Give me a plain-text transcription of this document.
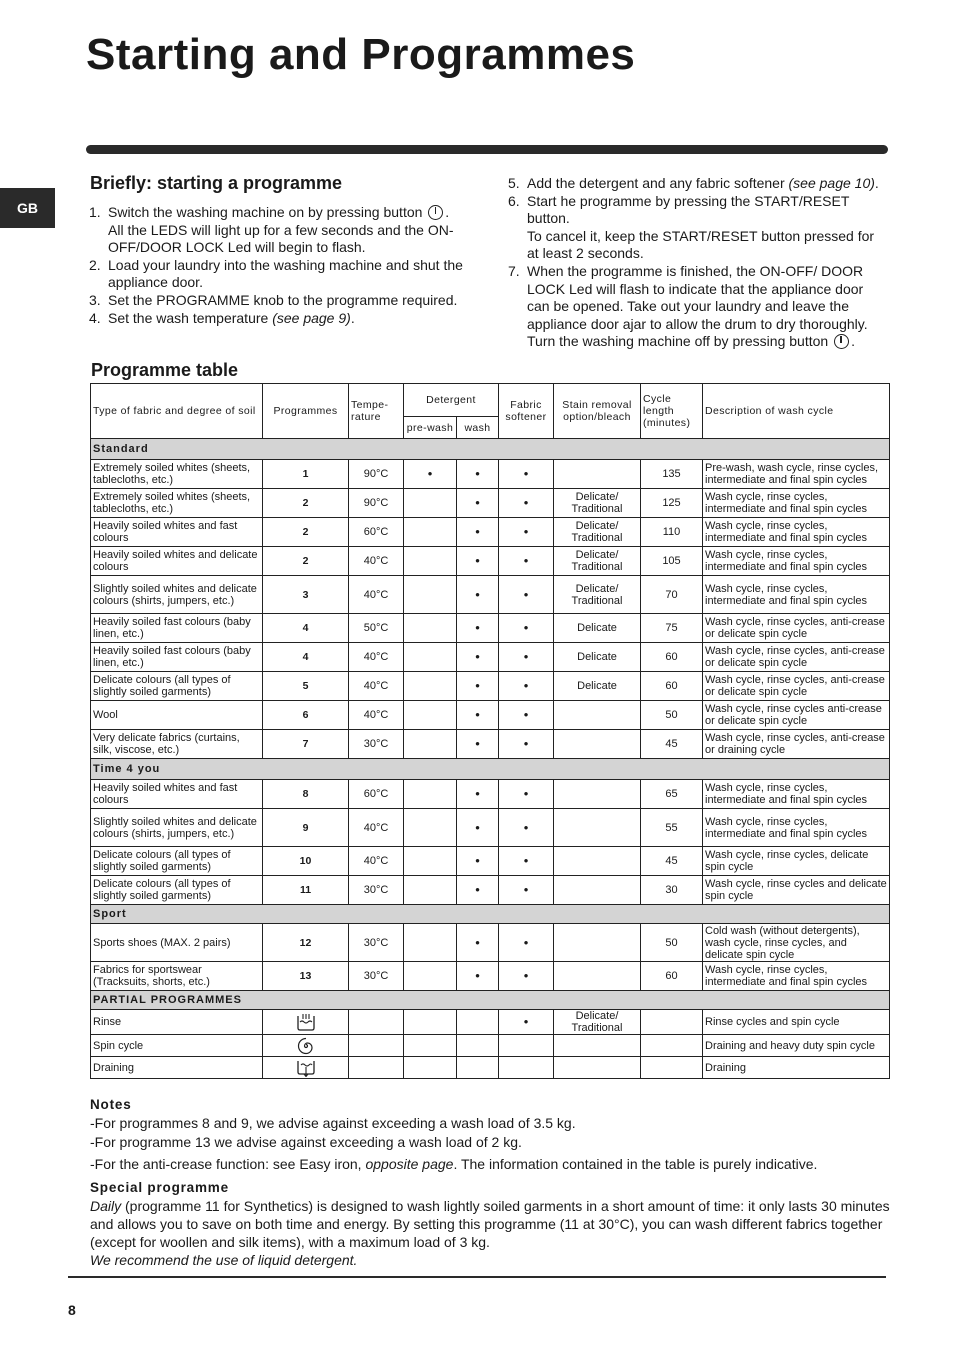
Starting and Programmes
GB
Briefly: starting a programme
1. Switch the washing machine on by pressing button . All the LEDS will light up for a few seconds and the ON-OFF/DOOR LOCK Led will begin to flash.
2. Load your laundry into the washing machine and shut the appliance door.
3. Set the PROGRAMME knob to the programme required.
4. Set the wash temperature (see page 9).
5. Add the detergent and any fabric softener (see page 10).
6. Start he programme by pressing the START/RESET button.
To cancel it, keep the START/RESET button pressed for at least 2 seconds.
7. When the programme is finished, the ON-OFF/ DOOR LOCK Led will flash to indicate that the appliance door can be opened. Take out your laundry and leave the appliance door ajar to allow the drum to dry thoroughly. Turn the washing machine off by pressing button .
Programme table
Type of fabric and degree of soil	Programmes	Tempe-rature	Detergent		Fabric softener	Stain removal option/bleach	Cycle length (minutes)	Description of wash cycle
			pre-wash	wash				
Standard								
Extremely soiled whites (sheets, tablecloths, etc.)	1	90°C	•	•	•		135	Pre-wash, wash cycle, rinse cycles, intermediate and final spin cycles
Extremely soiled whites (sheets, tablecloths, etc.)	2	90°C		•	•	Delicate/ Traditional	125	Wash cycle, rinse cycles, intermediate and final spin cycles
Heavily soiled whites and fast colours	2	60°C		•	•	Delicate/ Traditional	110	Wash cycle, rinse cycles, intermediate and final spin cycles
Heavily soiled whites and delicate colours	2	40°C		•	•	Delicate/ Traditional	105	Wash cycle, rinse cycles, intermediate and final spin cycles
Slightly soiled whites and delicate colours (shirts, jumpers, etc.)	3	40°C		•	•	Delicate/ Traditional	70	Wash cycle, rinse cycles, intermediate and final spin cycles
Heavily soiled fast colours (baby linen, etc.)	4	50°C		•	•	Delicate	75	Wash cycle, rinse cycles, anti-crease or delicate spin cycle
Heavily soiled fast colours (baby linen, etc.)	4	40°C		•	•	Delicate	60	Wash cycle, rinse cycles, anti-crease or delicate spin cycle
Delicate colours (all types of slightly soiled garments)	5	40°C		•	•	Delicate	60	Wash cycle, rinse cycles, anti-crease or delicate spin cycle
Wool	6	40°C		•	•		50	Wash cycle, rinse cycles anti-crease or delicate spin cycle
Very delicate fabrics (curtains, silk, viscose, etc.)	7	30°C		•	•		45	Wash cycle, rinse cycles, anti-crease or draining cycle
Time 4 you								
Heavily soiled whites and fast colours	8	60°C		•	•		65	Wash cycle, rinse cycles, intermediate and final spin cycles
Slightly soiled whites and delicate colours (shirts, jumpers, etc.)	9	40°C		•	•		55	Wash cycle, rinse cycles, intermediate and final spin cycles
Delicate colours (all types of slightly soiled garments)	10	40°C		•	•		45	Wash cycle, rinse cycles, delicate spin cycle
Delicate colours (all types of slightly soiled garments)	11	30°C		•	•		30	Wash cycle, rinse cycles and delicate spin cycle
Sport								
Sports shoes (MAX. 2 pairs)	12	30°C		•	•		50	Cold wash (without detergents), wash cycle, rinse cycles, and delicate spin cycle
Fabrics for sportswear (Tracksuits, shorts, etc.)	13	30°C		•	•		60	Wash cycle, rinse cycles, intermediate and final spin cycles
PARTIAL PROGRAMMES								
Rinse					•	Delicate/ Traditional		Rinse cycles and spin cycle
Spin cycle								Draining and heavy duty spin cycle
Draining								Draining

Notes

-For programmes 8 and 9, we advise against exceeding a wash load of 3.5 kg.

-For programme 13 we advise against exceeding a wash load of 2 kg.

-For the anti-crease function: see Easy iron, opposite page. The information contained in the table is purely indicative.

Special programme

Daily (programme 11 for Synthetics) is designed to wash lightly soiled garments in a short amount of time: it only lasts 30 minutes and allows you to save on both time and energy. By setting this programme (11 at 30°C), you can wash different fabrics together (except for woollen and silk items), with a maximum load of 3 kg.
We recommend the use of liquid detergent.

8
